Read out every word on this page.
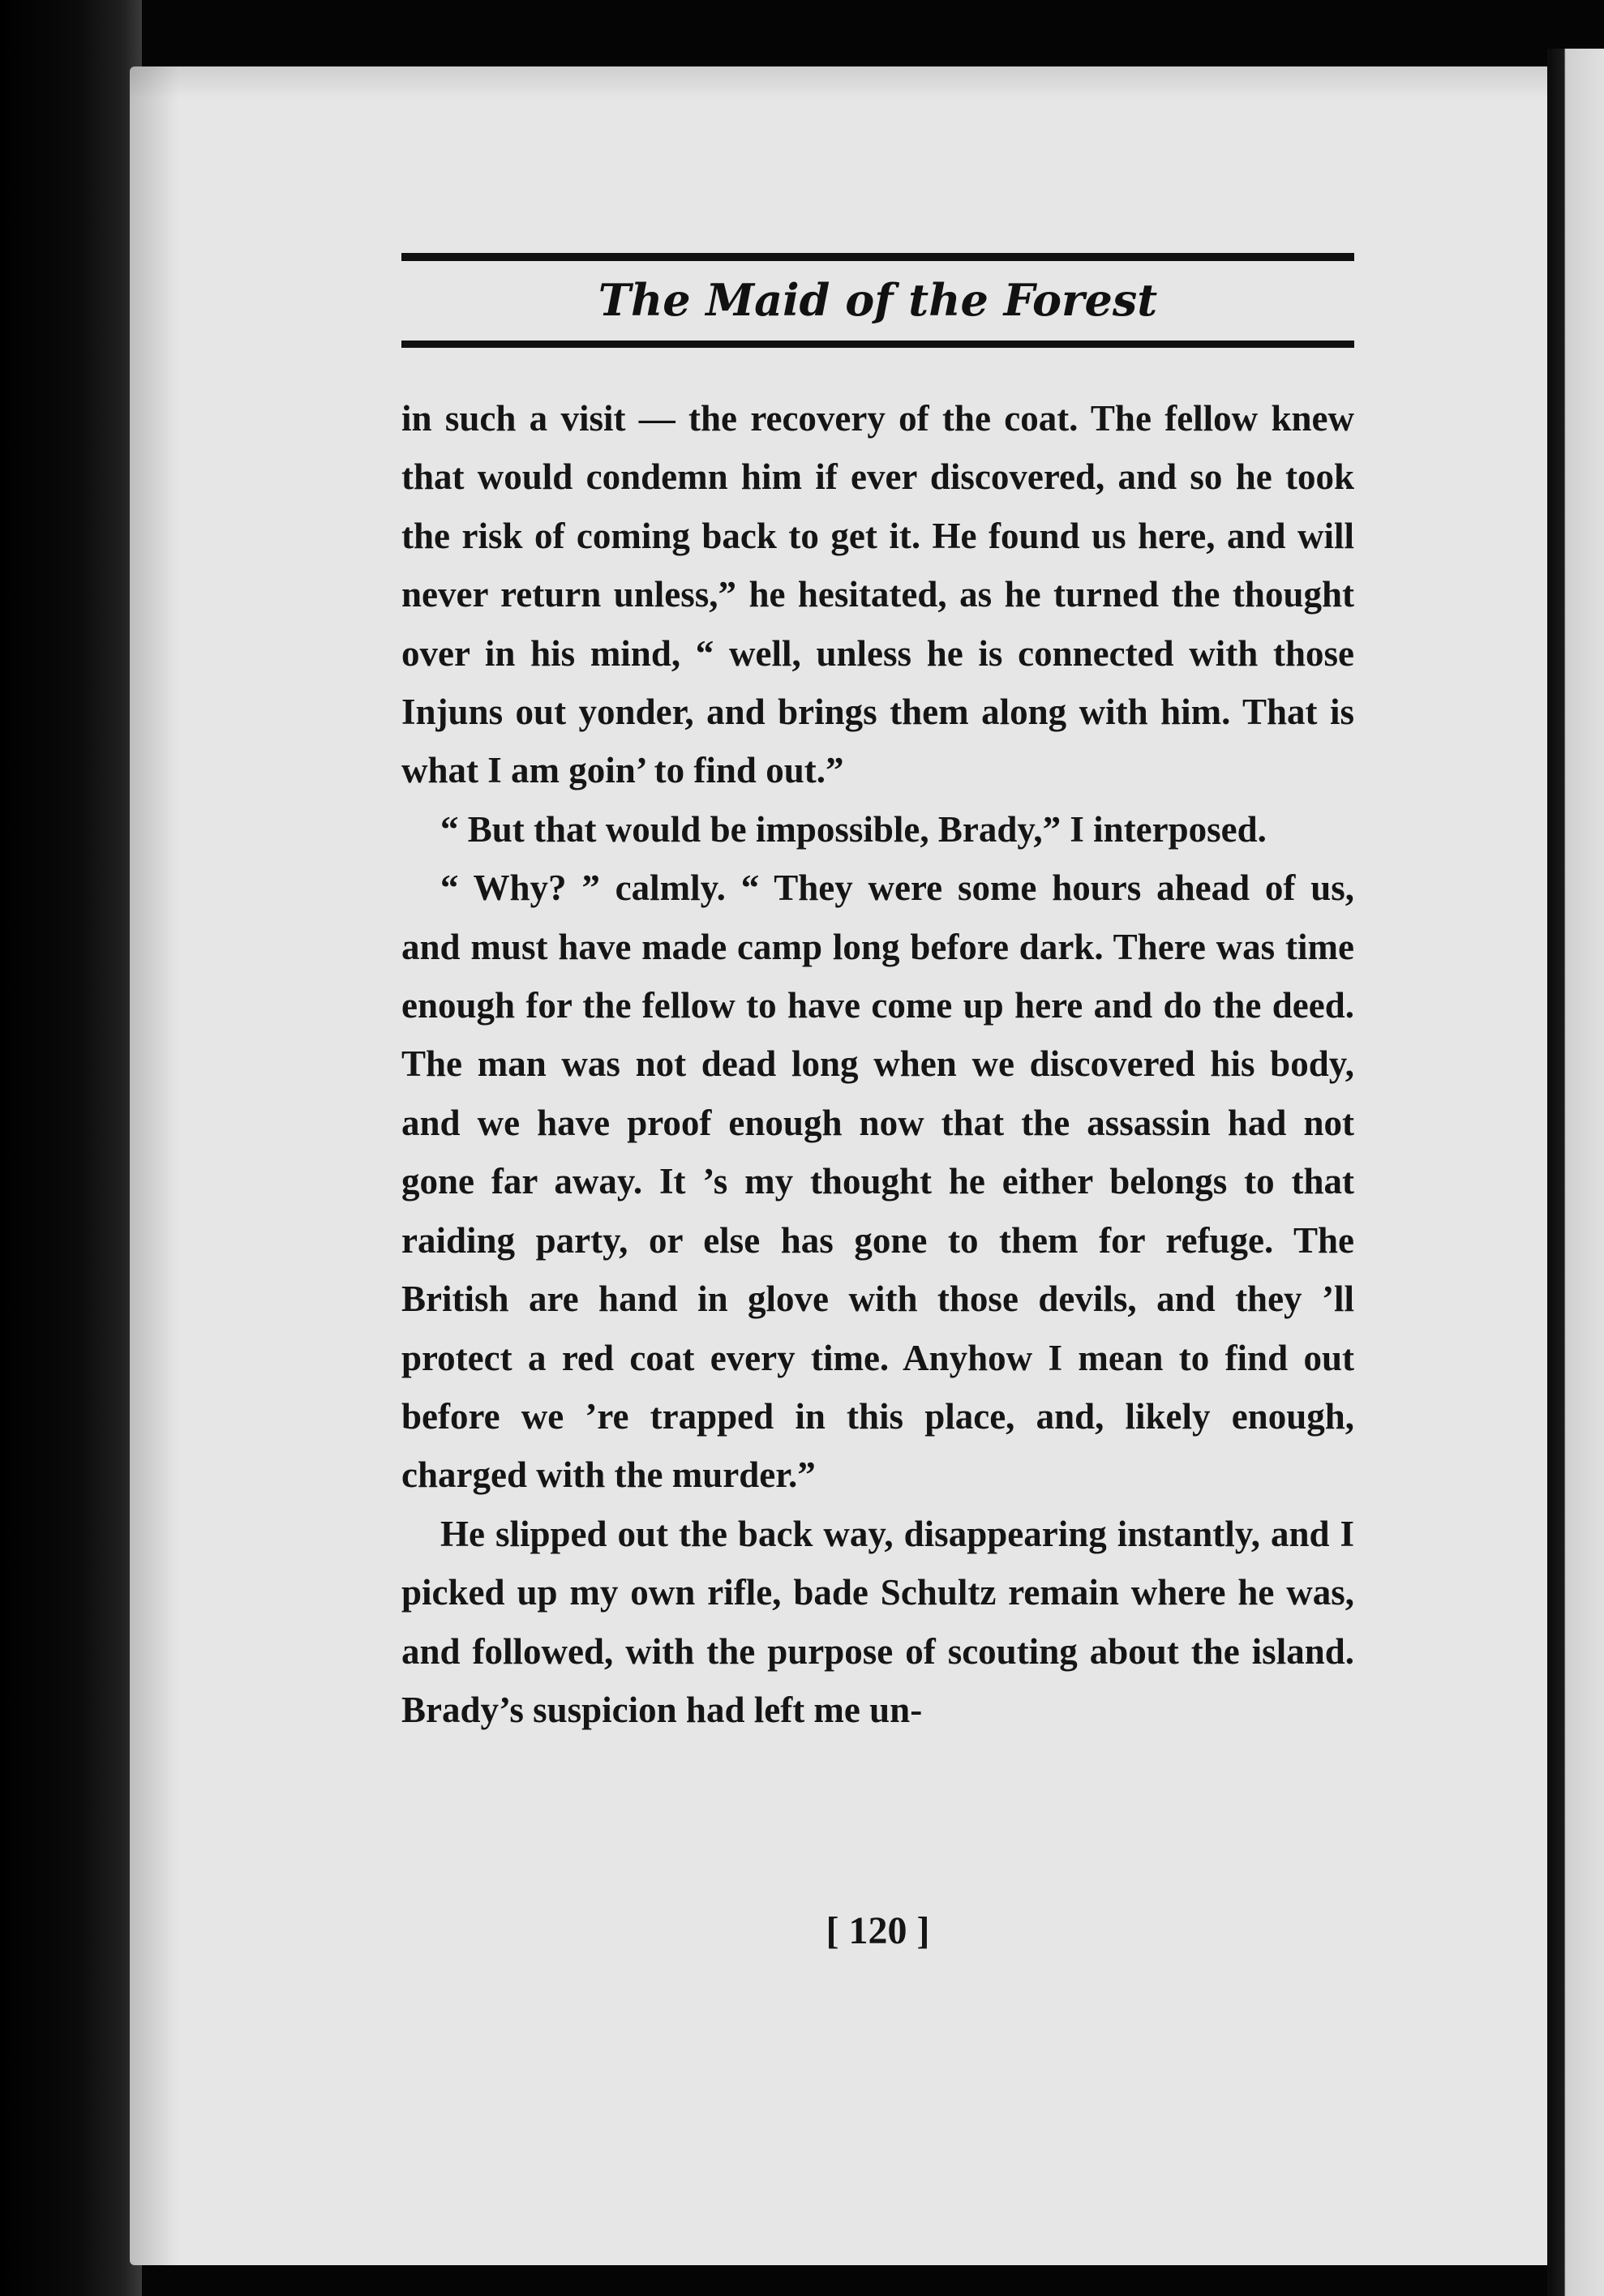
The Maid of the Forest

in such a visit — the recovery of the coat. The fellow knew that would condemn him if ever discovered, and so he took the risk of coming back to get it. He found us here, and will never return unless,” he hesitated, as he turned the thought over in his mind, “ well, unless he is connected with those Injuns out yonder, and brings them along with him. That is what I am goin’ to find out.”

“ But that would be impossible, Brady,” I interposed.

“ Why? ” calmly. “ They were some hours ahead of us, and must have made camp long before dark. There was time enough for the fellow to have come up here and do the deed. The man was not dead long when we discovered his body, and we have proof enough now that the assassin had not gone far away. It ’s my thought he either belongs to that raiding party, or else has gone to them for refuge. The British are hand in glove with those devils, and they ’ll protect a red coat every time. Anyhow I mean to find out before we ’re trapped in this place, and, likely enough, charged with the murder.”

He slipped out the back way, disappearing instantly, and I picked up my own rifle, bade Schultz remain where he was, and followed, with the purpose of scouting about the island. Brady’s suspicion had left me un-

[ 120 ]
